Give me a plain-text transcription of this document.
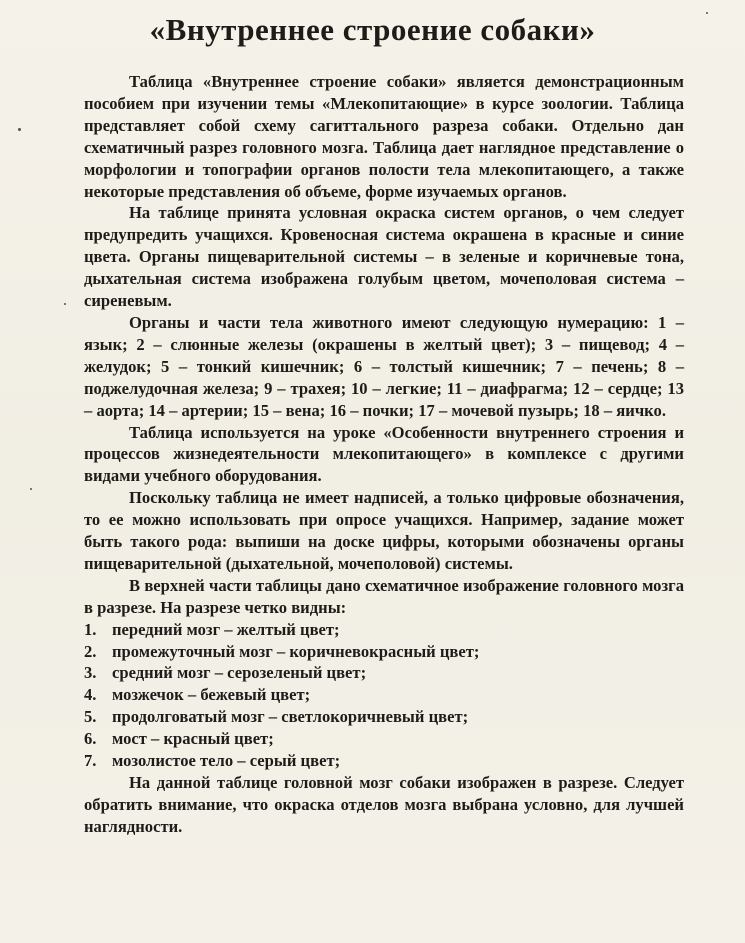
«Внутреннее строение собаки»

Таблица «Внутреннее строение собаки» является демонстрационным пособием при изучении темы «Млекопитающие» в курсе зоологии. Таблица представляет собой схему сагиттального разреза собаки. Отдельно дан схематичный разрез головного мозга. Таблица дает наглядное представление о морфологии и топографии органов полости тела млекопитающего, а также некоторые представления об объеме, форме изучаемых органов.

На таблице принята условная окраска систем органов, о чем следует предупредить учащихся. Кровеносная система окрашена в красные и синие цвета. Органы пищеварительной системы – в зеленые и коричневые тона, дыхательная система изображена голубым цветом, мочеполовая система – сиреневым.

Органы и части тела животного имеют следующую нумерацию: 1 – язык; 2 – слюнные железы (окрашены в желтый цвет); 3 – пищевод; 4 – желудок; 5 – тонкий кишечник; 6 – толстый кишечник; 7 – печень; 8 – поджелудочная железа; 9 – трахея; 10 – легкие; 11 – диафрагма; 12 – сердце; 13 – аорта; 14 – артерии; 15 – вена; 16 – почки; 17 – мочевой пузырь; 18 – яичко.

Таблица используется на уроке «Особенности внутреннего строения и процессов жизнедеятельности млекопитающего» в комплексе с другими видами учебного оборудования.

Поскольку таблица не имеет надписей, а только цифровые обозначения, то ее можно использовать при опросе учащихся. Например, задание может быть такого рода: выпиши на доске цифры, которыми обозначены органы пищеварительной (дыхательной, мочеполовой) системы.

В верхней части таблицы дано схематичное изображение головного мозга в разрезе. На разрезе четко видны:

1. передний мозг – желтый цвет;
2. промежуточный мозг – коричневокрасный цвет;
3. средний мозг – серозеленый цвет;
4. мозжечок – бежевый цвет;
5. продолговатый мозг – светлокоричневый цвет;
6. мост – красный цвет;
7. мозолистое тело – серый цвет;

На данной таблице головной мозг собаки изображен в разрезе. Следует обратить внимание, что окраска отделов мозга выбрана условно, для лучшей наглядности.
